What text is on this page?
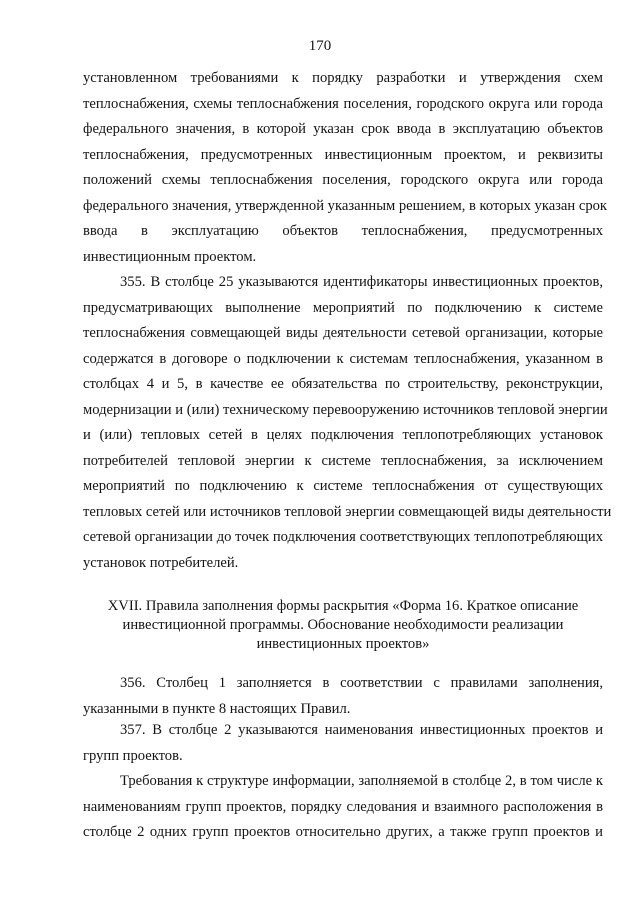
170
установленном требованиями к порядку разработки и утверждения схем
теплоснабжения, схемы теплоснабжения поселения, городского округа или города
федерального значения, в которой указан срок ввода в эксплуатацию объектов
теплоснабжения, предусмотренных инвестиционным проектом, и реквизиты
положений схемы теплоснабжения поселения, городского округа или города
федерального значения, утвержденной указанным решением, в которых указан срок
ввода в эксплуатацию объектов теплоснабжения, предусмотренных
инвестиционным проектом.
355. В столбце 25 указываются идентификаторы инвестиционных проектов,
предусматривающих выполнение мероприятий по подключению к системе
теплоснабжения совмещающей виды деятельности сетевой организации, которые
содержатся в договоре о подключении к системам теплоснабжения, указанном в
столбцах 4 и 5, в качестве ее обязательства по строительству, реконструкции,
модернизации и (или) техническому перевооружению источников тепловой энергии
и (или) тепловых сетей в целях подключения теплопотребляющих установок
потребителей тепловой энергии к системе теплоснабжения, за исключением
мероприятий по подключению к системе теплоснабжения от существующих
тепловых сетей или источников тепловой энергии совмещающей виды деятельности
сетевой организации до точек подключения соответствующих теплопотребляющих
установок потребителей.
XVII. Правила заполнения формы раскрытия «Форма 16. Краткое описание
инвестиционной программы. Обоснование необходимости реализации
инвестиционных проектов»
356. Столбец 1 заполняется в соответствии с правилами заполнения,
указанными в пункте 8 настоящих Правил.
357. В столбце 2 указываются наименования инвестиционных проектов и
групп проектов.
Требования к структуре информации, заполняемой в столбце 2, в том числе к
наименованиям групп проектов, порядку следования и взаимного расположения в
столбце 2 одних групп проектов относительно других, а также групп проектов и
